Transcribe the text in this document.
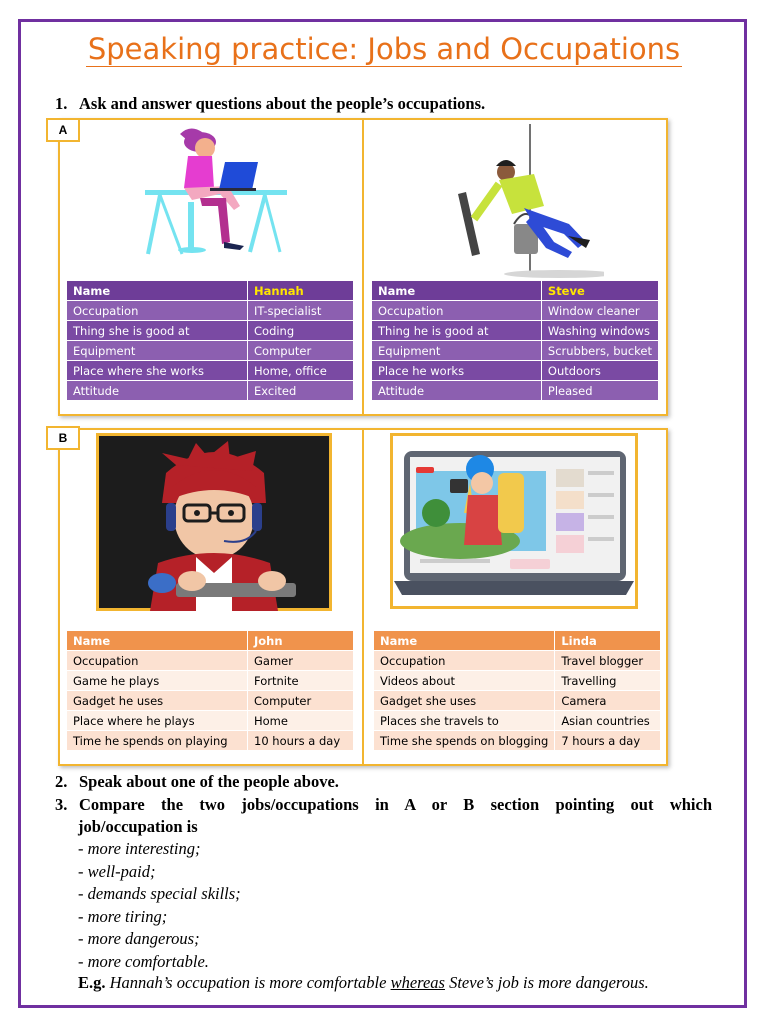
Speaking practice: Jobs and Occupations
1. Ask and answer questions about the people’s occupations.
A
Name	Hannah
Occupation	IT-specialist
Thing she is good at	Coding
Equipment	Computer
Place where she works	Home, office
Attitude	Excited
Name	Steve
Occupation	Window cleaner
Thing he is good at	Washing windows
Equipment	Scrubbers, bucket
Place he works	Outdoors
Attitude	Pleased
B
Name	John
Occupation	Gamer
Game he plays	Fortnite
Gadget he uses	Computer
Place where he plays	Home
Time he spends on playing	10 hours a day
Name	Linda
Occupation	Travel blogger
Videos about	Travelling
Gadget she uses	Camera
Places she travels to	Asian countries
Time she spends on blogging	7 hours a day
2. Speak about one of the people above.
3. Compare the two jobs/occupations in A or B section pointing out which
job/occupation is
- more interesting;
- well-paid;
- demands special skills;
- more tiring;
- more dangerous;
- more comfortable.
E.g. Hannah’s occupation is more comfortable whereas Steve’s job is more dangerous.
